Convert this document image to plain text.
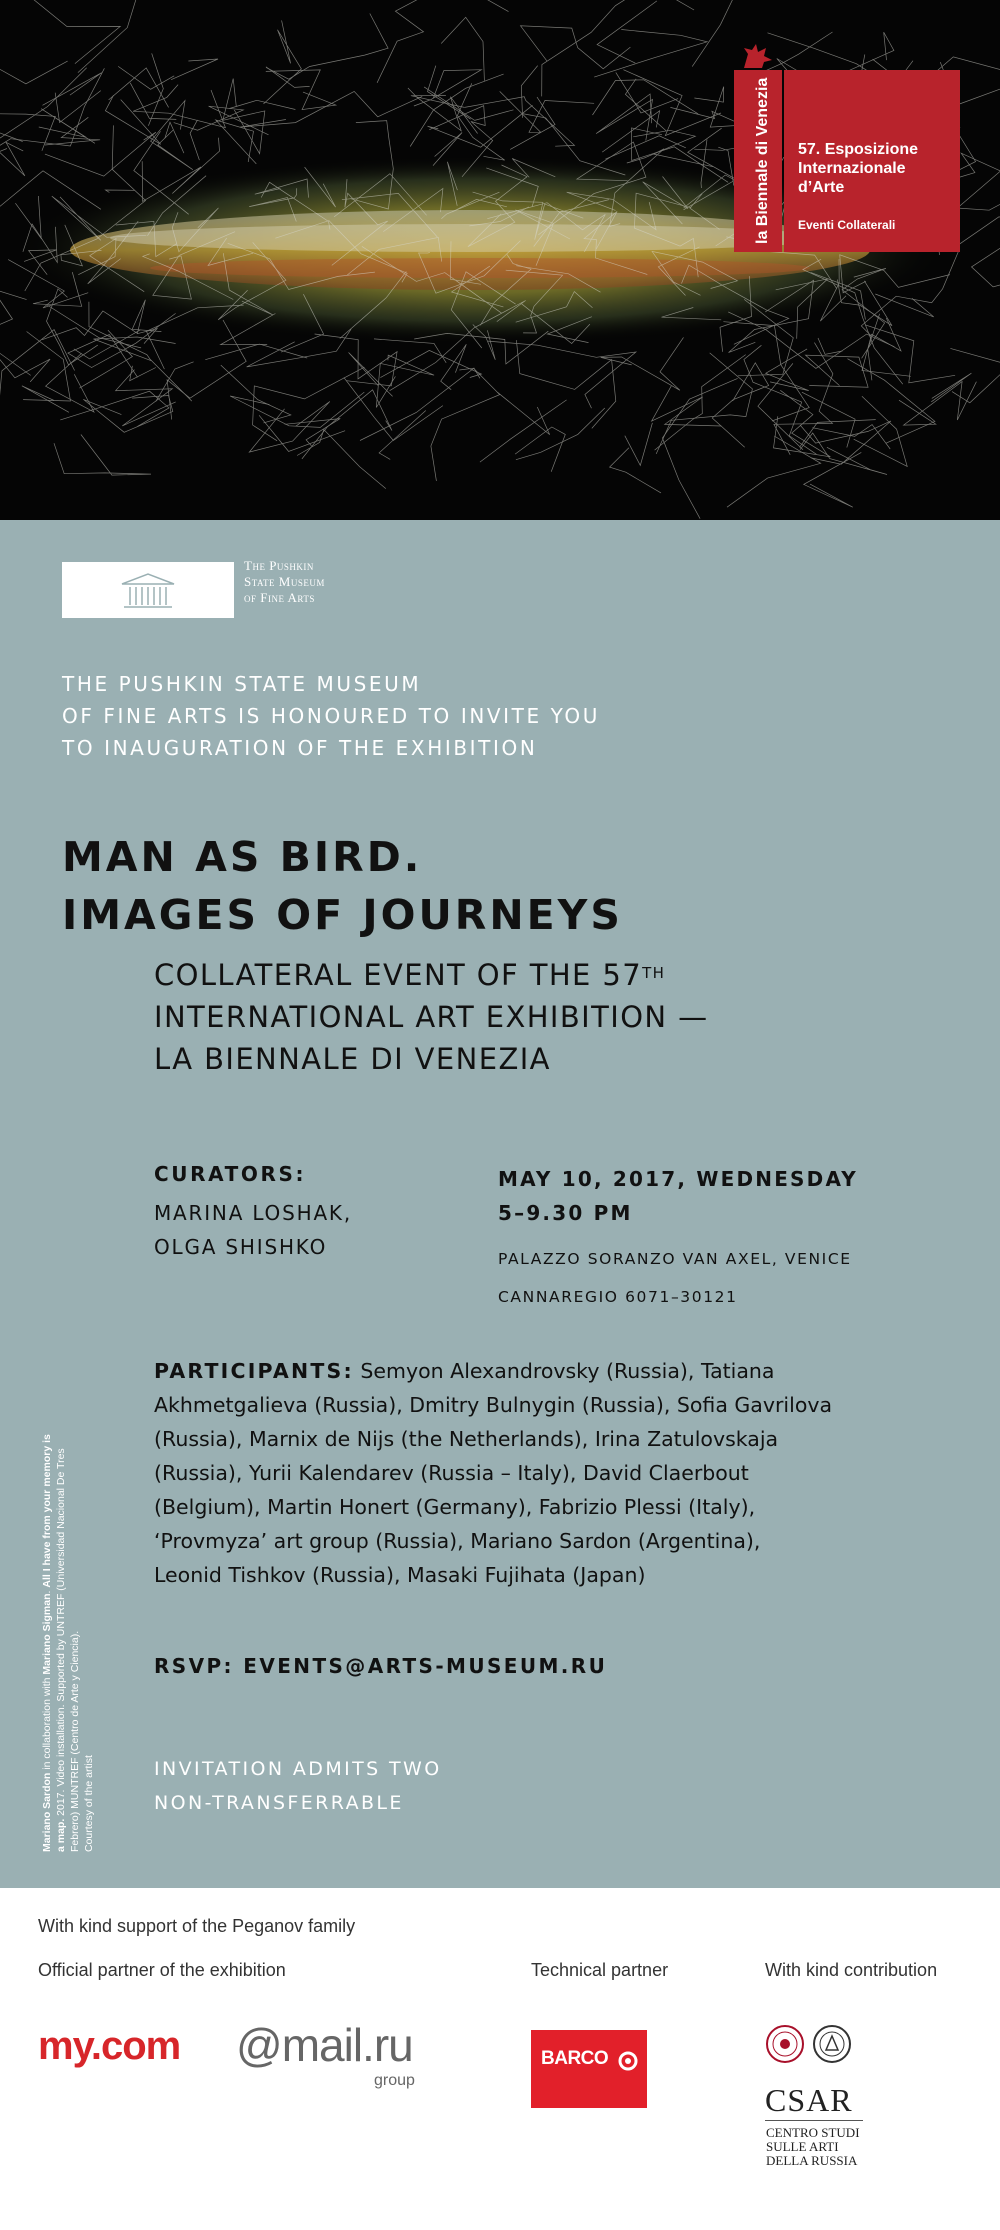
la Biennale di Venezia 57. Esposizione
Internazionale
d’Arte
Eventi Collaterali
The Pushkin
State Museum
of Fine Arts
THE PUSHKIN STATE MUSEUM
OF FINE ARTS IS HONOURED TO INVITE YOU
TO INAUGURATION OF THE EXHIBITION
MAN AS BIRD.
IMAGES OF JOURNEYS
COLLATERAL EVENT OF THE 57TH
INTERNATIONAL ART EXHIBITION —
LA BIENNALE DI VENEZIA
CURATORS:
MARINA LOSHAK,
OLGA SHISHKO
MAY 10, 2017, WEDNESDAY
5–9.30 PM
PALAZZO SORANZO VAN AXEL, VENICE
CANNAREGIO 6071–30121
PARTICIPANTS: Semyon Alexandrovsky (Russia), Tatiana
Akhmetgalieva (Russia), Dmitry Bulnygin (Russia), Sofia Gavrilova
(Russia), Marnix de Nijs (the Netherlands), Irina Zatulovskaja
(Russia), Yurii Kalendarev (Russia – Italy), David Claerbout
(Belgium), Martin Honert (Germany), Fabrizio Plessi (Italy),
‘Provmyza’ art group (Russia), Mariano Sardon (Argentina),
Leonid Tishkov (Russia), Masaki Fujihata (Japan)
RSVP: EVENTS@ARTS-MUSEUM.RU
INVITATION ADMITS TWO
NON-TRANSFERRABLE
Mariano Sardon in collaboration with Mariano Sigman. All I have from your memory is a map. 2017. Video installation. Supported by UNTREF (Universidad Nacional De Tres Febrero) MUNTREF (Centro de Arte y Ciencia). Courtesy of the artist
With kind support of the Peganov family
Official partner of the exhibition	Technical partner	With kind contribution
my.com @mail.ru
group
BARCO
CSAR
CENTRO STUDI
SULLE ARTI
DELLA RUSSIA
